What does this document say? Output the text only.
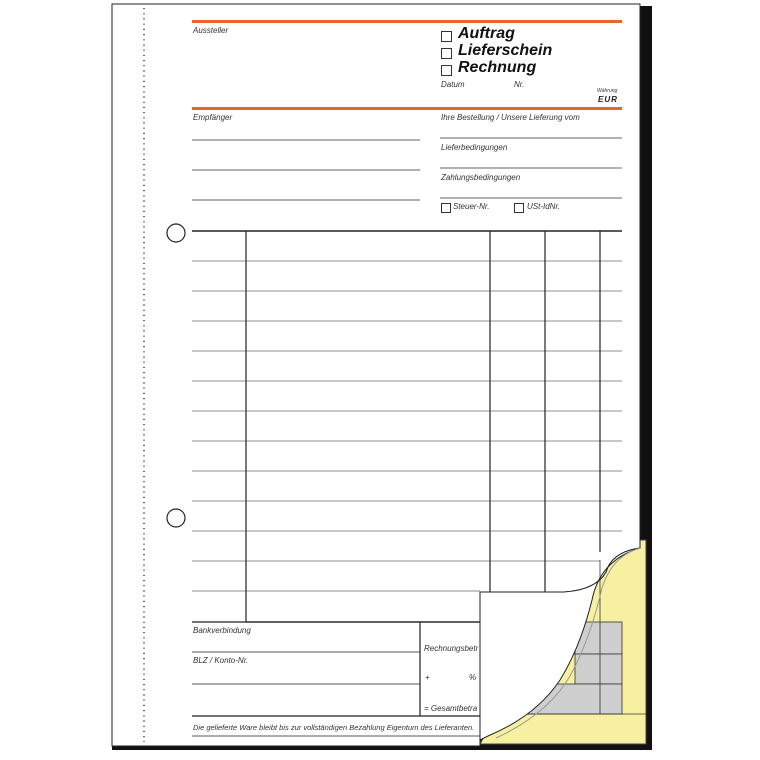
Aussteller	Auftrag
Lieferschein
Rechnung
Datum	Nr.
Währung
EUR
Empfänger	Ihre Bestellung / Unsere Lieferung vom
Lieferbedingungen
Zahlungsbedingungen
Steuer-Nr.	USt-IdNr.
Bankverbindung
BLZ / Konto-Nr.
Rechnungsbetr
+	%
= Gesamtbetra
Die gelieferte Ware bleibt bis zur vollständigen Bezahlung Eigentum des Lieferanten.
